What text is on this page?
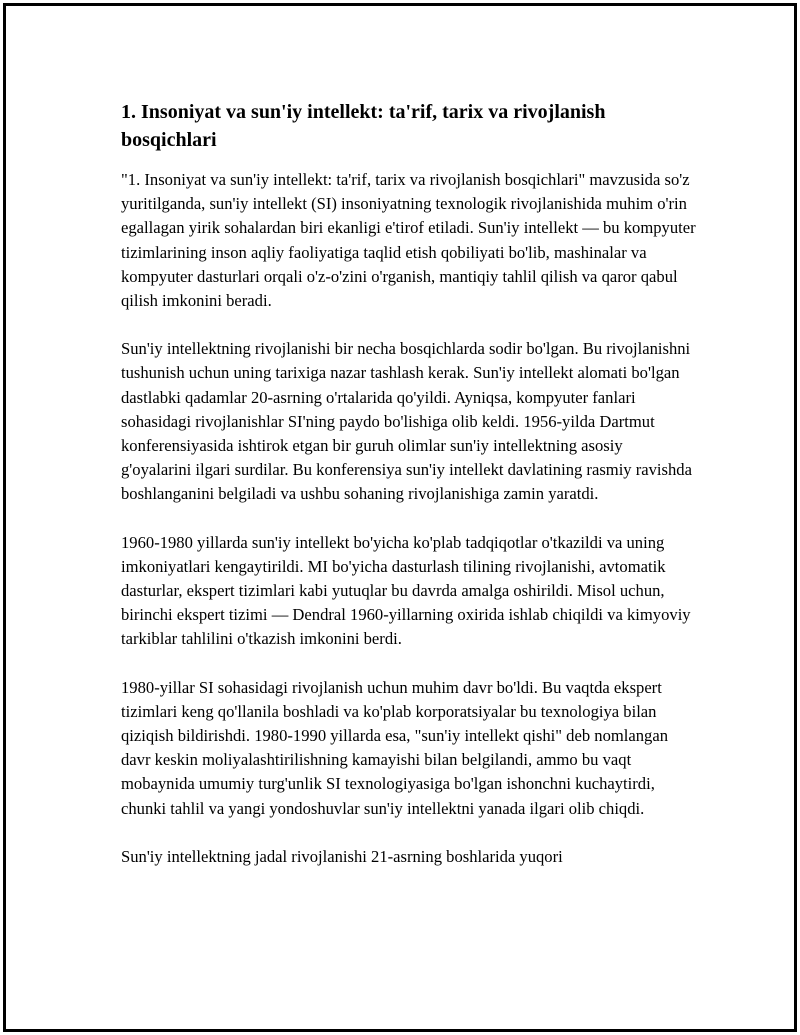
1. Insoniyat va sun'iy intellekt: ta'rif, tarix va rivojlanish bosqichlari

"1. Insoniyat va sun'iy intellekt: ta'rif, tarix va rivojlanish bosqichlari" mavzusida so'z yuritilganda, sun'iy intellekt (SI) insoniyatning texnologik rivojlanishida muhim o'rin egallagan yirik sohalardan biri ekanligi e'tirof etiladi. Sun'iy intellekt — bu kompyuter tizimlarining inson aqliy faoliyatiga taqlid etish qobiliyati bo'lib, mashinalar va kompyuter dasturlari orqali o'z-o'zini o'rganish, mantiqiy tahlil qilish va qaror qabul qilish imkonini beradi.

Sun'iy intellektning rivojlanishi bir necha bosqichlarda sodir bo'lgan. Bu rivojlanishni tushunish uchun uning tarixiga nazar tashlash kerak. Sun'iy intellekt alomati bo'lgan dastlabki qadamlar 20-asrning o'rtalarida qo'yildi. Ayniqsa, kompyuter fanlari sohasidagi rivojlanishlar SI'ning paydo bo'lishiga olib keldi. 1956-yilda Dartmut konferensiyasida ishtirok etgan bir guruh olimlar sun'iy intellektning asosiy g'oyalarini ilgari surdilar. Bu konferensiya sun'iy intellekt davlatining rasmiy ravishda boshlanganini belgiladi va ushbu sohaning rivojlanishiga zamin yaratdi.

1960-1980 yillarda sun'iy intellekt bo'yicha ko'plab tadqiqotlar o'tkazildi va uning imkoniyatlari kengaytirildi. MI bo'yicha dasturlash tilining rivojlanishi, avtomatik dasturlar, ekspert tizimlari kabi yutuqlar bu davrda amalga oshirildi. Misol uchun, birinchi ekspert tizimi — Dendral 1960-yillarning oxirida ishlab chiqildi va kimyoviy tarkiblar tahlilini o'tkazish imkonini berdi.

1980-yillar SI sohasidagi rivojlanish uchun muhim davr bo'ldi. Bu vaqtda ekspert tizimlari keng qo'llanila boshladi va ko'plab korporatsiyalar bu texnologiya bilan qiziqish bildirishdi. 1980-1990 yillarda esa, "sun'iy intellekt qishi" deb nomlangan davr keskin moliyalashtirilishning kamayishi bilan belgilandi, ammo bu vaqt mobaynida umumiy turg'unlik SI texnologiyasiga bo'lgan ishonchni kuchaytirdi, chunki tahlil va yangi yondoshuvlar sun'iy intellektni yanada ilgari olib chiqdi.

Sun'iy intellektning jadal rivojlanishi 21-asrning boshlarida yuqori
